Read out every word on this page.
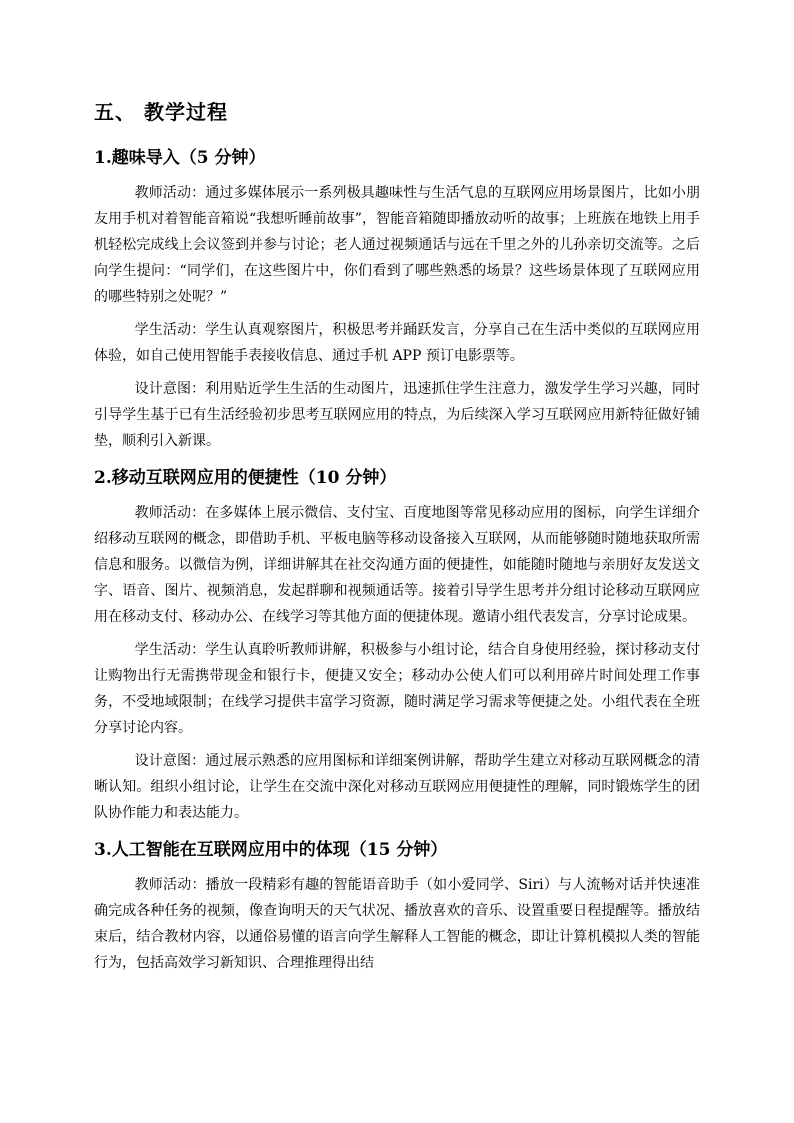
五、 教学过程
1.趣味导入（5 分钟）

教师活动：通过多媒体展示一系列极具趣味性与生活气息的互联网应用场景图片，比如小朋友用手机对着智能音箱说“我想听睡前故事”，智能音箱随即播放动听的故事；上班族在地铁上用手机轻松完成线上会议签到并参与讨论；老人通过视频通话与远在千里之外的儿孙亲切交流等。之后向学生提问：“同学们，在这些图片中，你们看到了哪些熟悉的场景？这些场景体现了互联网应用的哪些特别之处呢？”

学生活动：学生认真观察图片，积极思考并踊跃发言，分享自己在生活中类似的互联网应用体验，如自己使用智能手表接收信息、通过手机 APP 预订电影票等。

设计意图：利用贴近学生生活的生动图片，迅速抓住学生注意力，激发学生学习兴趣，同时引导学生基于已有生活经验初步思考互联网应用的特点，为后续深入学习互联网应用新特征做好铺垫，顺利引入新课。

2.移动互联网应用的便捷性（10 分钟）

教师活动：在多媒体上展示微信、支付宝、百度地图等常见移动应用的图标，向学生详细介绍移动互联网的概念，即借助手机、平板电脑等移动设备接入互联网，从而能够随时随地获取所需信息和服务。以微信为例，详细讲解其在社交沟通方面的便捷性，如能随时随地与亲朋好友发送文字、语音、图片、视频消息，发起群聊和视频通话等。接着引导学生思考并分组讨论移动互联网应用在移动支付、移动办公、在线学习等其他方面的便捷体现。邀请小组代表发言，分享讨论成果。

学生活动：学生认真聆听教师讲解，积极参与小组讨论，结合自身使用经验，探讨移动支付让购物出行无需携带现金和银行卡，便捷又安全；移动办公使人们可以利用碎片时间处理工作事务，不受地域限制；在线学习提供丰富学习资源，随时满足学习需求等便捷之处。小组代表在全班分享讨论内容。

设计意图：通过展示熟悉的应用图标和详细案例讲解，帮助学生建立对移动互联网概念的清晰认知。组织小组讨论，让学生在交流中深化对移动互联网应用便捷性的理解，同时锻炼学生的团队协作能力和表达能力。

3.人工智能在互联网应用中的体现（15 分钟）

教师活动：播放一段精彩有趣的智能语音助手（如小爱同学、Siri）与人流畅对话并快速准确完成各种任务的视频，像查询明天的天气状况、播放喜欢的音乐、设置重要日程提醒等。播放结束后，结合教材内容，以通俗易懂的语言向学生解释人工智能的概念，即让计算机模拟人类的智能行为，包括高效学习新知识、合理推理得出结
